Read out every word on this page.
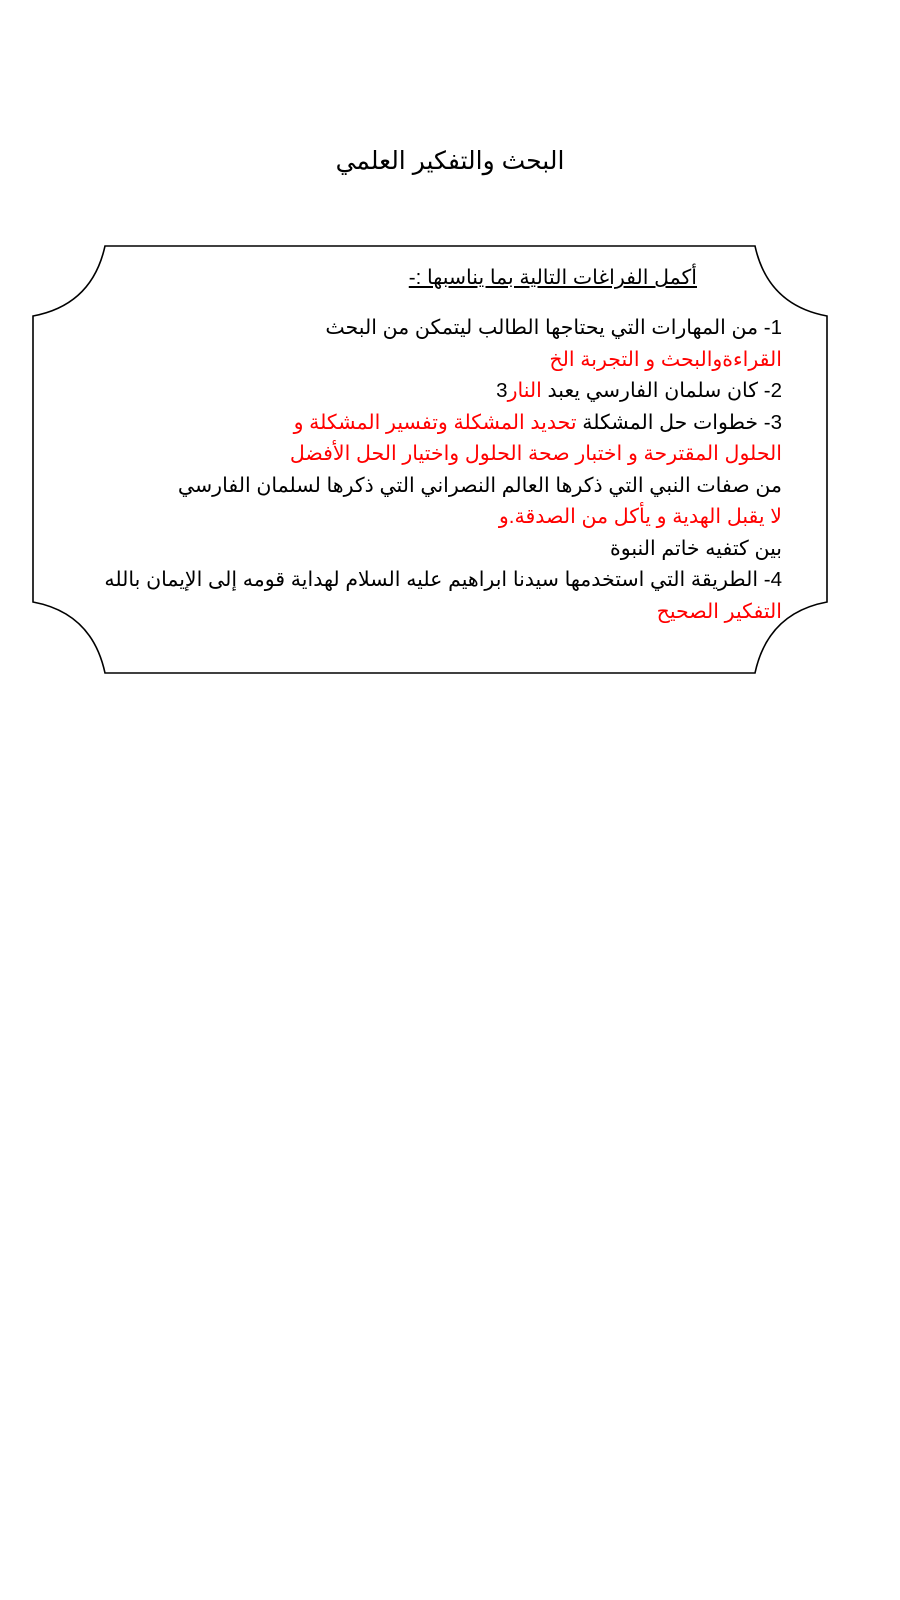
البحث والتفكير العلمي
أكمل الفراغات التالية بما يناسبها :-
1- من المهارات التي يحتاجها الطالب ليتمكن من البحث
القراءةوالبحث و التجربة الخ
2- كان سلمان الفارسي يعبد النار3
3- خطوات حل المشكلة تحديد المشكلة وتفسير المشكلة و
الحلول المقترحة و اختبار صحة الحلول واختيار الحل الأفضل
من صفات النبي التي ذكرها العالم النصراني التي ذكرها لسلمان الفارسي
لا يقبل الهدية و يأكل من الصدقة.و
بين كتفيه خاتم النبوة
4- الطريقة التي استخدمها سيدنا ابراهيم عليه السلام لهداية قومه إلى الإيمان بالله
التفكير الصحيح
